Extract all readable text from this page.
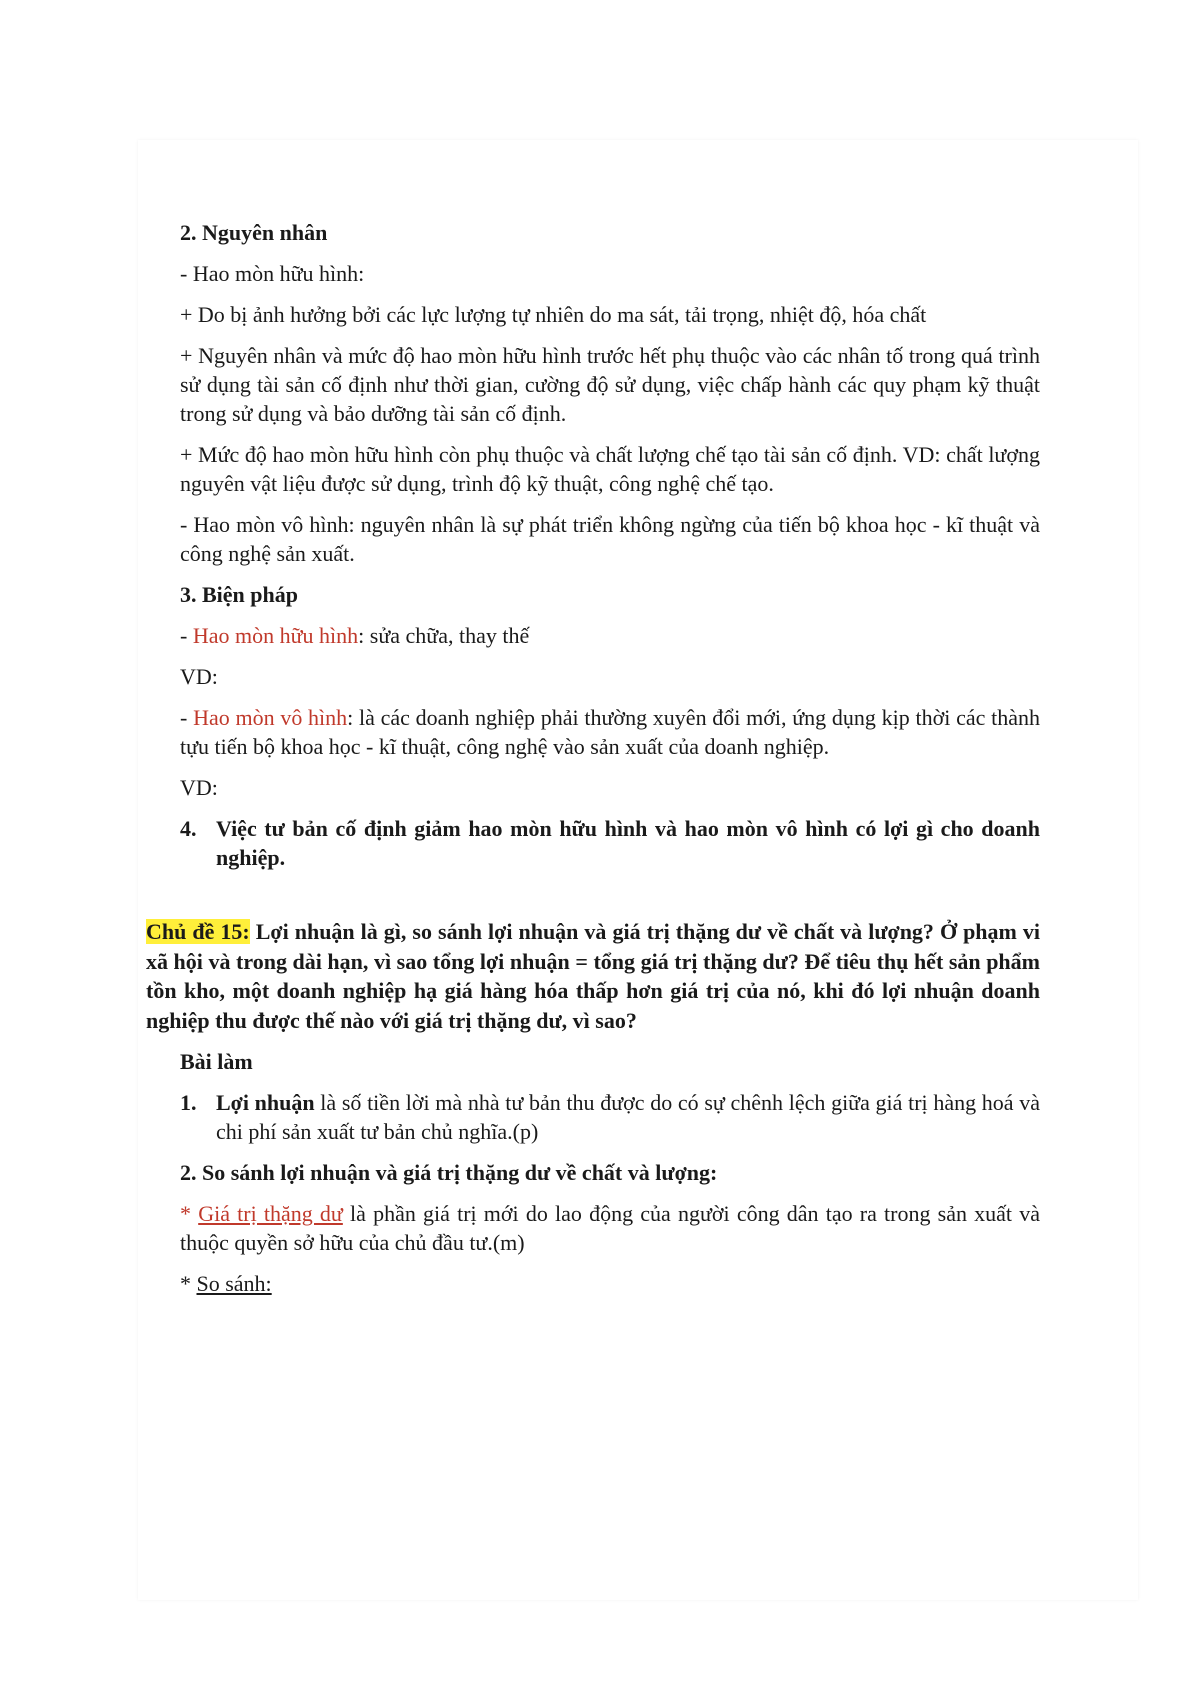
2. Nguyên nhân

- Hao mòn hữu hình:

+ Do bị ảnh hưởng bởi các lực lượng tự nhiên do ma sát, tải trọng, nhiệt độ, hóa chất

+ Nguyên nhân và mức độ hao mòn hữu hình trước hết phụ thuộc vào các nhân tố trong quá trình sử dụng tài sản cố định như thời gian, cường độ sử dụng, việc chấp hành các quy phạm kỹ thuật trong sử dụng và bảo dưỡng tài sản cố định.

+ Mức độ hao mòn hữu hình còn phụ thuộc và chất lượng chế tạo tài sản cố định. VD: chất lượng nguyên vật liệu được sử dụng, trình độ kỹ thuật, công nghệ chế tạo.

- Hao mòn vô hình: nguyên nhân là sự phát triển không ngừng của tiến bộ khoa học - kĩ thuật và công nghệ sản xuất.

3. Biện pháp

- Hao mòn hữu hình: sửa chữa, thay thế

VD:

- Hao mòn vô hình: là các doanh nghiệp phải thường xuyên đổi mới, ứng dụng kịp thời các thành tựu tiến bộ khoa học - kĩ thuật, công nghệ vào sản xuất của doanh nghiệp.

VD:

4. Việc tư bản cố định giảm hao mòn hữu hình và hao mòn vô hình có lợi gì cho doanh nghiệp.

Chủ đề 15: Lợi nhuận là gì, so sánh lợi nhuận và giá trị thặng dư về chất và lượng? Ở phạm vi xã hội và trong dài hạn, vì sao tổng lợi nhuận = tổng giá trị thặng dư? Để tiêu thụ hết sản phẩm tồn kho, một doanh nghiệp hạ giá hàng hóa thấp hơn giá trị của nó, khi đó lợi nhuận doanh nghiệp thu được thế nào với giá trị thặng dư, vì sao?

Bài làm

1. Lợi nhuận là số tiền lời mà nhà tư bản thu được do có sự chênh lệch giữa giá trị hàng hoá và chi phí sản xuất tư bản chủ nghĩa.(p)

2. So sánh lợi nhuận và giá trị thặng dư về chất và lượng:

* Giá trị thặng dư là phần giá trị mới do lao động của người công dân tạo ra trong sản xuất và thuộc quyền sở hữu của chủ đầu tư.(m)

* So sánh:
